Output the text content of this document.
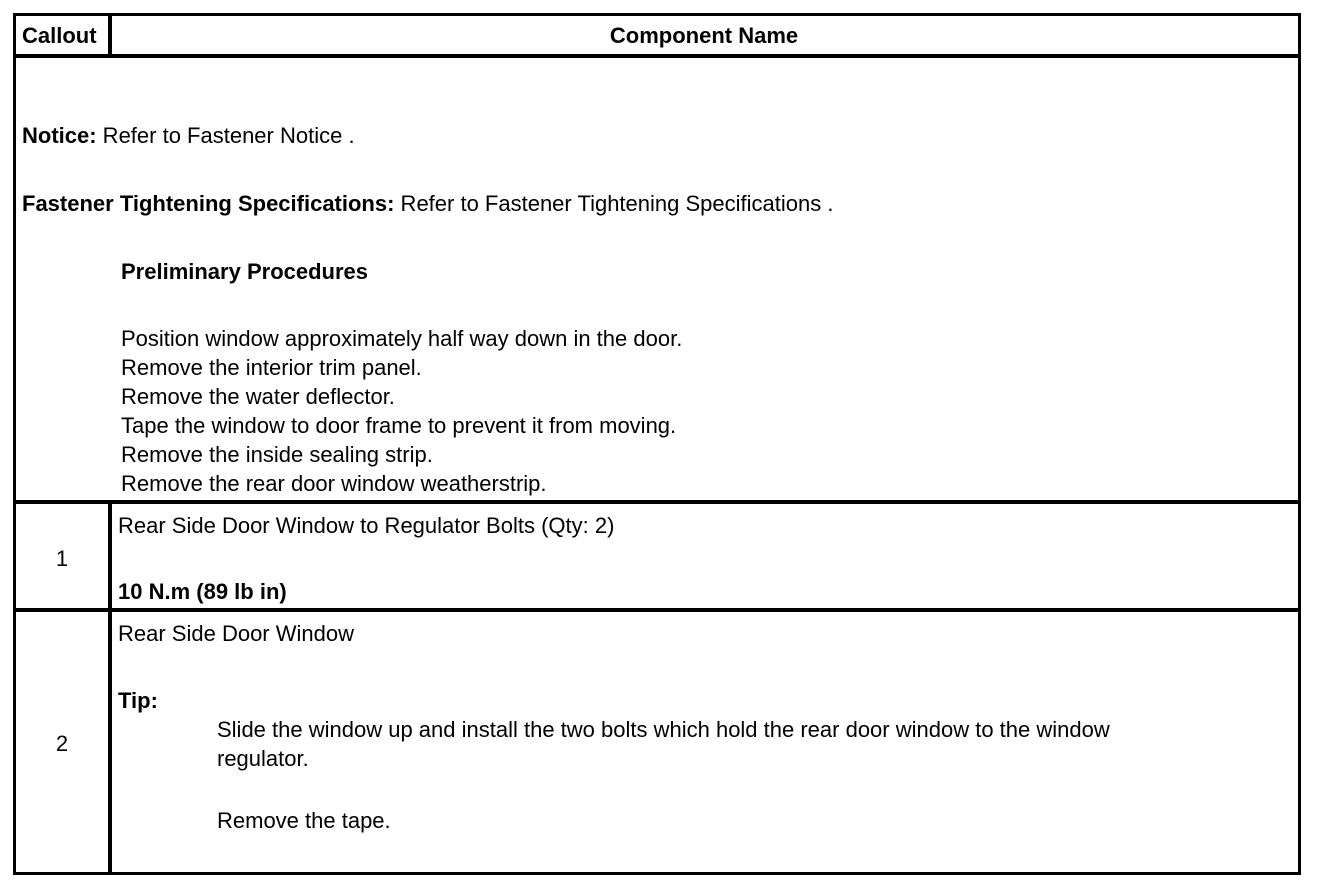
Callout	Component Name
Notice: Refer to Fastener Notice .
Fastener Tightening Specifications: Refer to Fastener Tightening Specifications .
Preliminary Procedures
Position window approximately half way down in the door.
Remove the interior trim panel.
Remove the water deflector.
Tape the window to door frame to prevent it from moving.
Remove the inside sealing strip.
Remove the rear door window weatherstrip.
1
Rear Side Door Window to Regulator Bolts (Qty: 2)
10 N.m (89 lb in)
2
Rear Side Door Window
Tip:
Slide the window up and install the two bolts which hold the rear door window to the window
regulator.
Remove the tape.
